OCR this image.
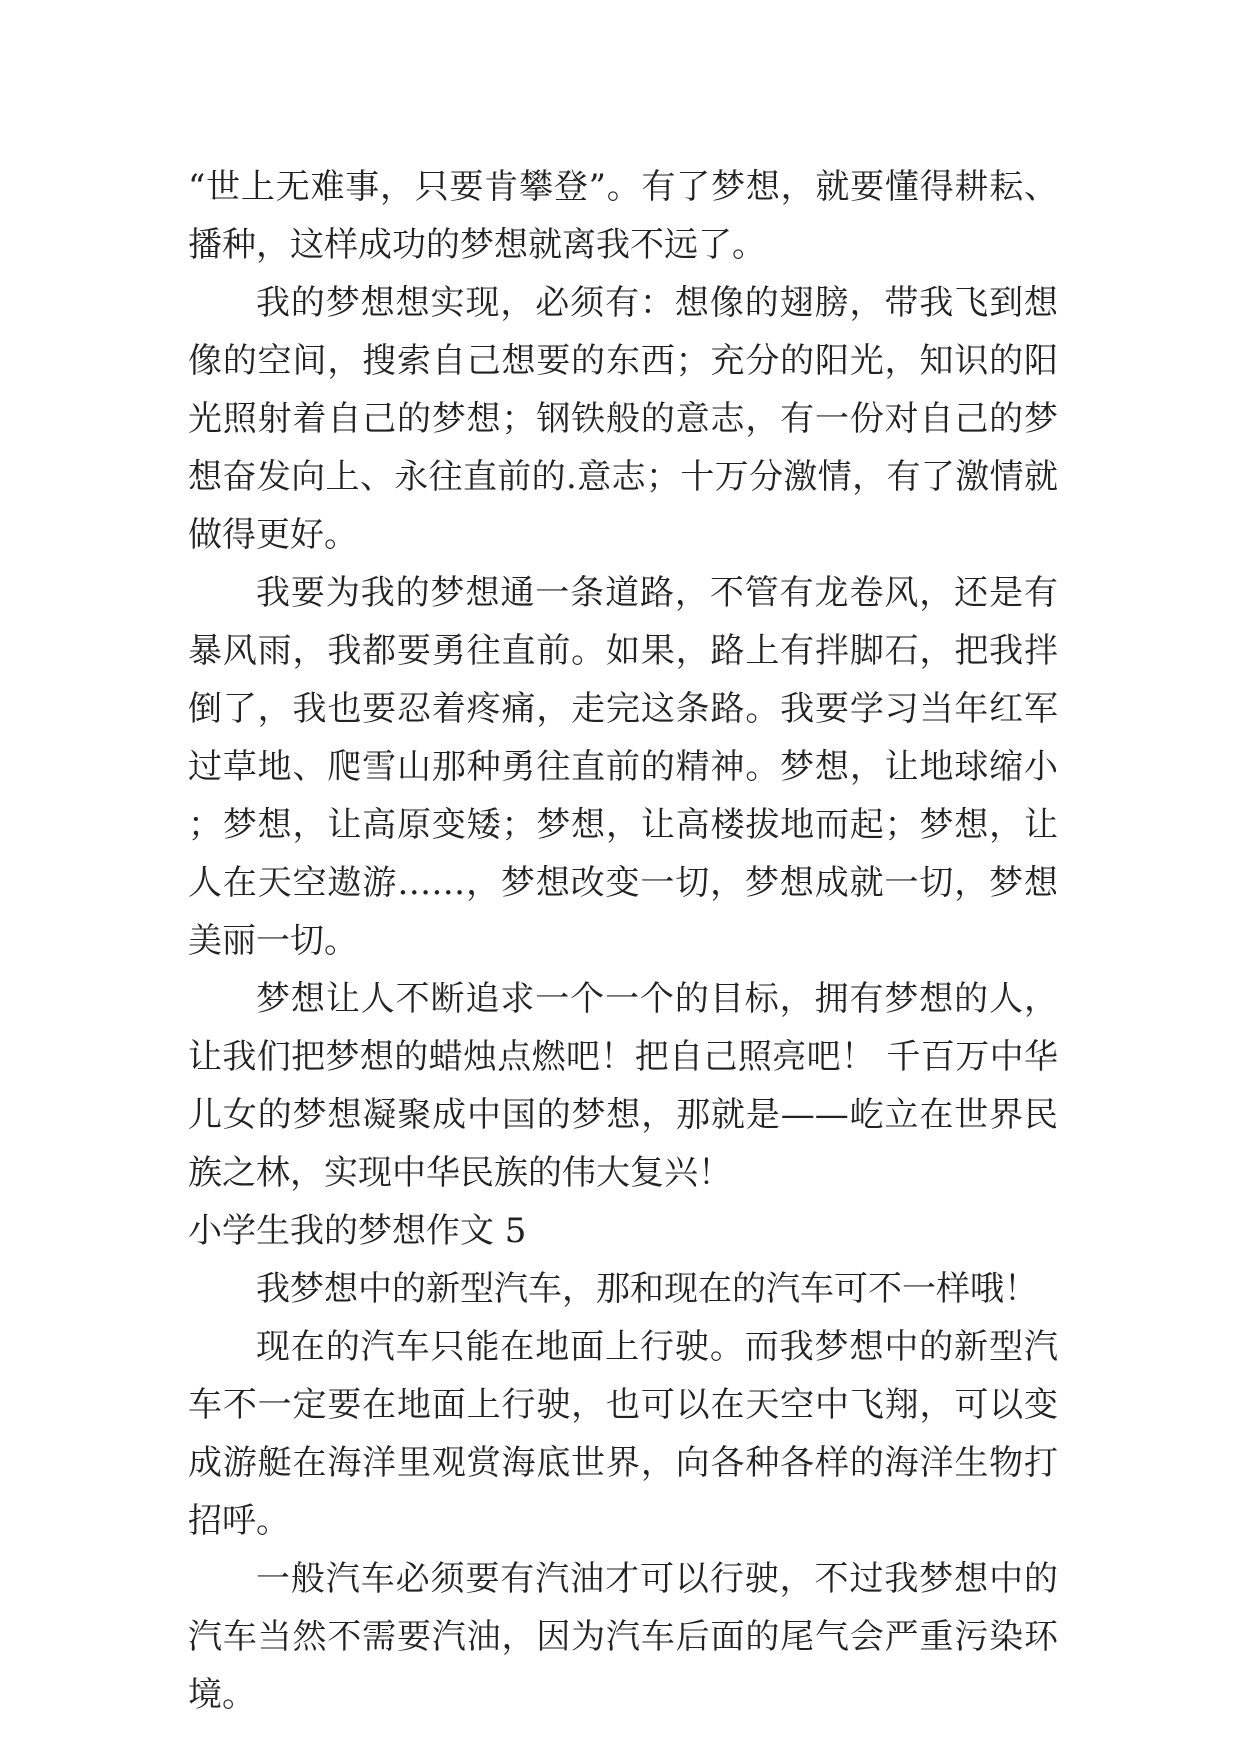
“世上无难事，只要肯攀登”。有了梦想，就要懂得耕耘、播种，这样成功的梦想就离我不远了。

我的梦想想实现，必须有：想像的翅膀，带我飞到想像的空间，搜索自己想要的东西；充分的阳光，知识的阳光照射着自己的梦想；钢铁般的意志，有一份对自己的梦想奋发向上、永往直前的.意志；十万分激情，有了激情就做得更好。

我要为我的梦想通一条道路，不管有龙卷风，还是有暴风雨，我都要勇往直前。如果，路上有拌脚石，把我拌倒了，我也要忍着疼痛，走完这条路。我要学习当年红军过草地、爬雪山那种勇往直前的精神。梦想，让地球缩小；梦想，让高原变矮；梦想，让高楼拔地而起；梦想，让人在天空遨游……，梦想改变一切，梦想成就一切，梦想美丽一切。

梦想让人不断追求一个一个的目标，拥有梦想的人，让我们把梦想的蜡烛点燃吧！把自己照亮吧！ 千百万中华儿女的梦想凝聚成中国的梦想，那就是——屹立在世界民族之林，实现中华民族的伟大复兴！

小学生我的梦想作文 5

我梦想中的新型汽车，那和现在的汽车可不一样哦！

现在的汽车只能在地面上行驶。而我梦想中的新型汽车不一定要在地面上行驶，也可以在天空中飞翔，可以变成游艇在海洋里观赏海底世界，向各种各样的海洋生物打招呼。

一般汽车必须要有汽油才可以行驶，不过我梦想中的汽车当然不需要汽油，因为汽车后面的尾气会严重污染环境。
